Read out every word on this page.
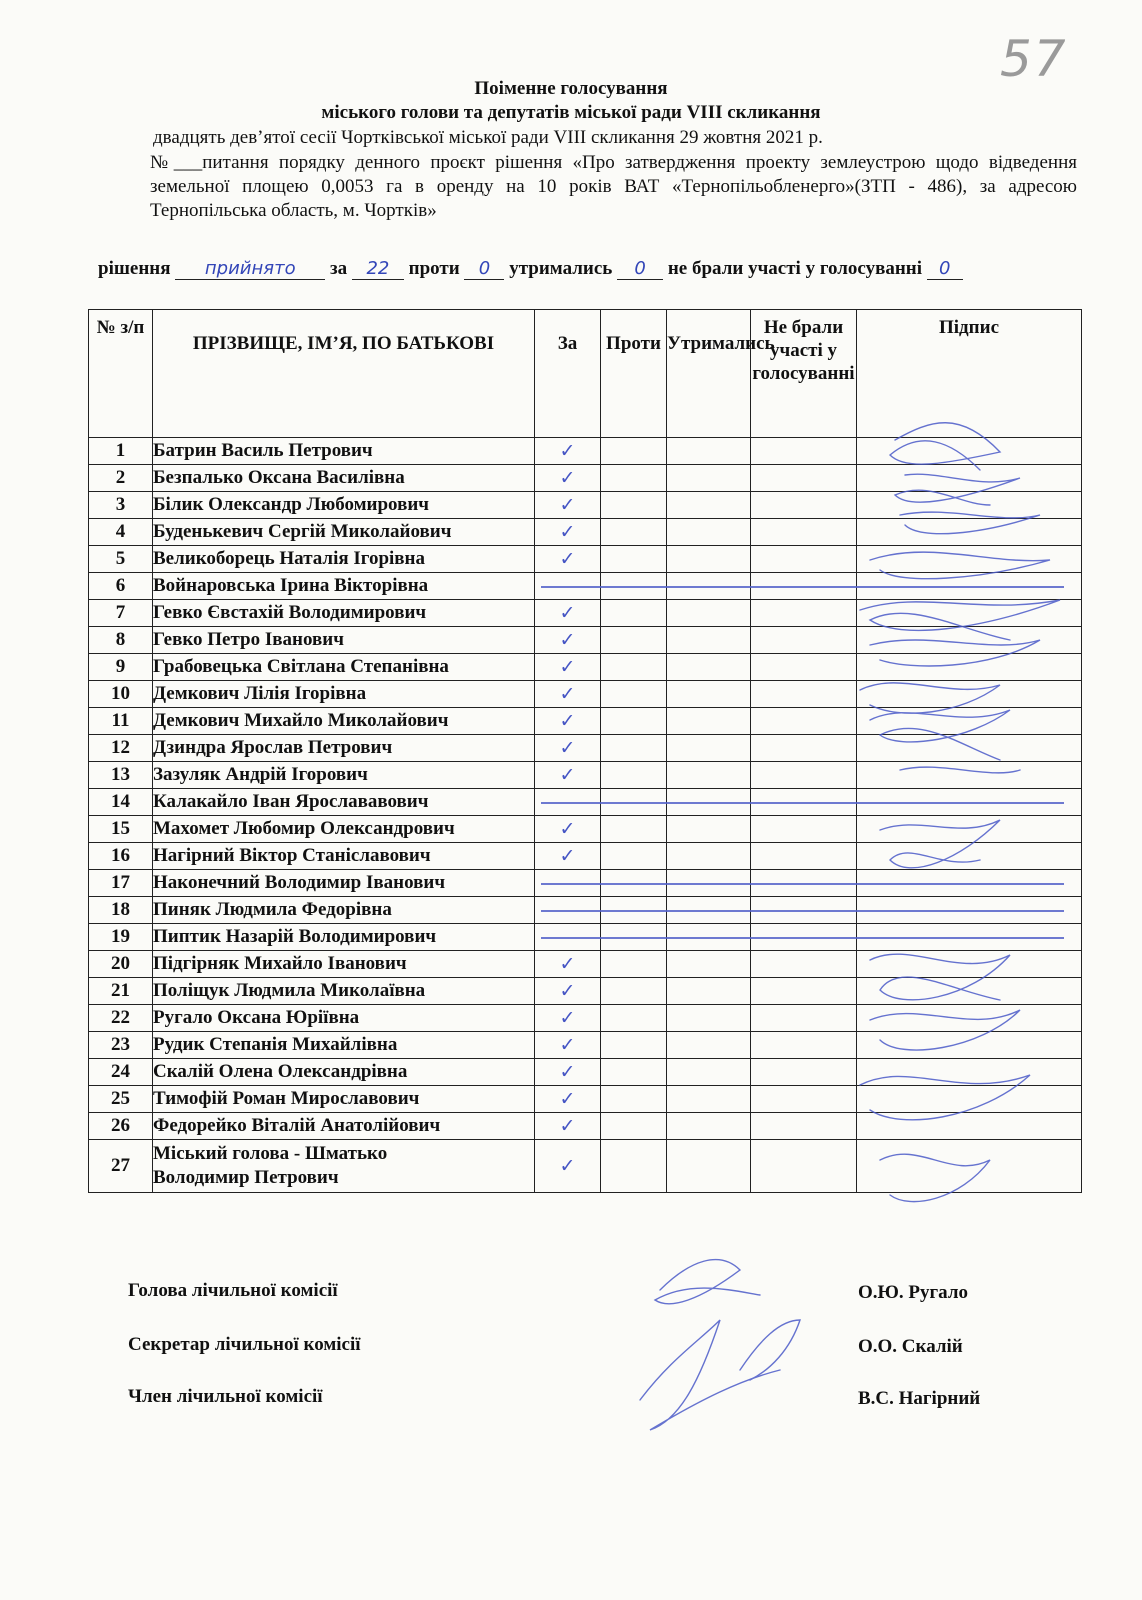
57
Поіменне голосування
міського голови та депутатів міської ради VIII скликання
двадцять дев’ятої сесії Чортківської міської ради VIII скликання 29 жовтня 2021 р.
№___питання порядку денного проєкт рішення «Про затвердження проекту землеустрою щодо відведення земельної площею 0,0053 га в оренду на 10 років ВАТ «Тернопільобленерго»(ЗТП - 486), за адресою Тернопільська область, м. Чортків»
рішення прийнято за 22 проти 0 утримались 0 не брали участі у голосуванні 0
№ з/п	ПРІЗВИЩЕ, ІМ’Я, ПО БАТЬКОВІ	За	Проти	Утримались	Не брали участі у голосуванні	Підпис
1	Батрин Василь Петрович	✓				
2	Безпалько Оксана Василівна	✓				
3	Білик Олександр Любомирович	✓				
4	Буденькевич Сергій Миколайович	✓				
5	Великоборець Наталія Ігорівна	✓				
6	Войнаровська Ірина Вікторівна					
7	Гевко Євстахій Володимирович	✓				
8	Гевко Петро Іванович	✓				
9	Грабовецька Світлана Степанівна	✓				
10	Демкович Лілія Ігорівна	✓				
11	Демкович Михайло Миколайович	✓				
12	Дзиндра Ярослав Петрович	✓				
13	Зазуляк Андрій Ігорович	✓				
14	Калакайло Іван Ярослававович					
15	Махомет Любомир Олександрович	✓				
16	Нагірний Віктор Станіславович	✓				
17	Наконечний Володимир Іванович					
18	Пиняк Людмила Федорівна					
19	Пиптик Назарій Володимирович					
20	Підгірняк Михайло Іванович	✓				
21	Поліщук Людмила Миколаївна	✓				
22	Ругало Оксана Юріївна	✓				
23	Рудик Степанія Михайлівна	✓				
24	Скалій Олена Олександрівна	✓				
25	Тимофій Роман Мирославович	✓				
26	Федорейко Віталій Анатолійович	✓				
27	Міський голова - Шматько
Володимир Петрович	✓				
Голова лічильної комісії	О.Ю. Ругало
Секретар лічильної комісії	О.О. Скалій
Член лічильної комісії	В.С. Нагірний
